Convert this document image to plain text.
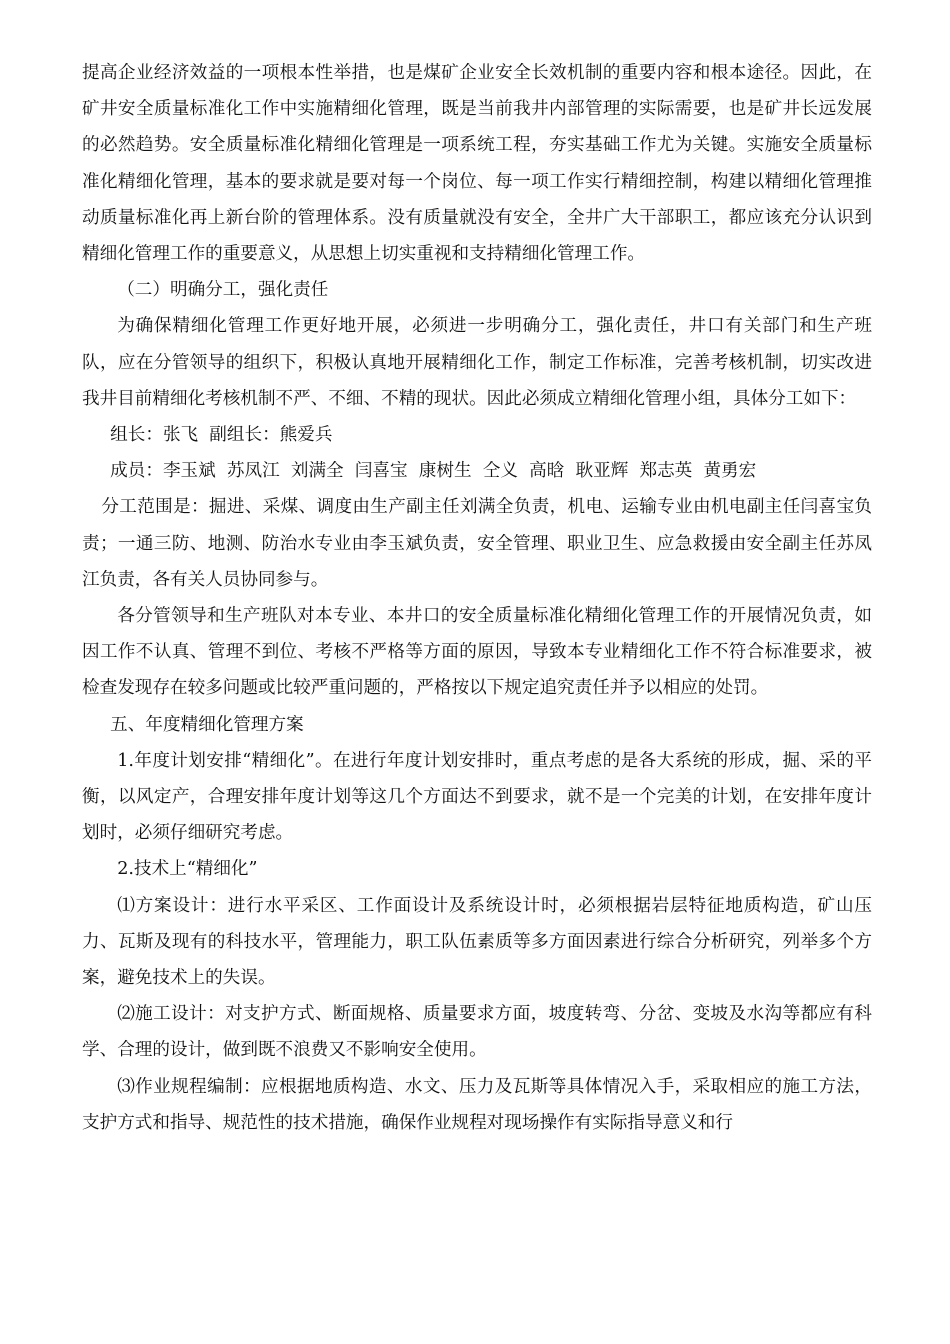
提高企业经济效益的一项根本性举措，也是煤矿企业安全长效机制的重要内容和根本途径。因此，在矿井安全质量标准化工作中实施精细化管理，既是当前我井内部管理的实际需要，也是矿井长远发展的必然趋势。安全质量标准化精细化管理是一项系统工程，夯实基础工作尤为关键。实施安全质量标准化精细化管理，基本的要求就是要对每一个岗位、每一项工作实行精细控制，构建以精细化管理推动质量标准化再上新台阶的管理体系。没有质量就没有安全，全井广大干部职工，都应该充分认识到精细化管理工作的重要意义，从思想上切实重视和支持精细化管理工作。

（二）明确分工，强化责任

为确保精细化管理工作更好地开展，必须进一步明确分工，强化责任，井口有关部门和生产班队，应在分管领导的组织下，积极认真地开展精细化工作，制定工作标准，完善考核机制，切实改进我井目前精细化考核机制不严、不细、不精的现状。因此必须成立精细化管理小组，具体分工如下：

组长：张飞  副组长：熊爱兵

成员：李玉斌  苏凤江  刘满全  闫喜宝  康树生  仝义  高晗  耿亚辉  郑志英  黄勇宏

分工范围是：掘进、采煤、调度由生产副主任刘满全负责，机电、运输专业由机电副主任闫喜宝负责；一通三防、地测、防治水专业由李玉斌负责，安全管理、职业卫生、应急救援由安全副主任苏凤江负责，各有关人员协同参与。

各分管领导和生产班队对本专业、本井口的安全质量标准化精细化管理工作的开展情况负责，如因工作不认真、管理不到位、考核不严格等方面的原因，导致本专业精细化工作不符合标准要求，被检查发现存在较多问题或比较严重问题的，严格按以下规定追究责任并予以相应的处罚。

五、年度精细化管理方案

1.年度计划安排“精细化”。在进行年度计划安排时，重点考虑的是各大系统的形成，掘、采的平衡，以风定产，合理安排年度计划等这几个方面达不到要求，就不是一个完美的计划，在安排年度计划时，必须仔细研究考虑。

2.技术上“精细化”

⑴方案设计：进行水平采区、工作面设计及系统设计时，必须根据岩层特征地质构造，矿山压力、瓦斯及现有的科技水平，管理能力，职工队伍素质等多方面因素进行综合分析研究，列举多个方案，避免技术上的失误。

⑵施工设计：对支护方式、断面规格、质量要求方面，坡度转弯、分岔、变坡及水沟等都应有科学、合理的设计，做到既不浪费又不影响安全使用。

⑶作业规程编制：应根据地质构造、水文、压力及瓦斯等具体情况入手，采取相应的施工方法，支护方式和指导、规范性的技术措施，确保作业规程对现场操作有实际指导意义和行
